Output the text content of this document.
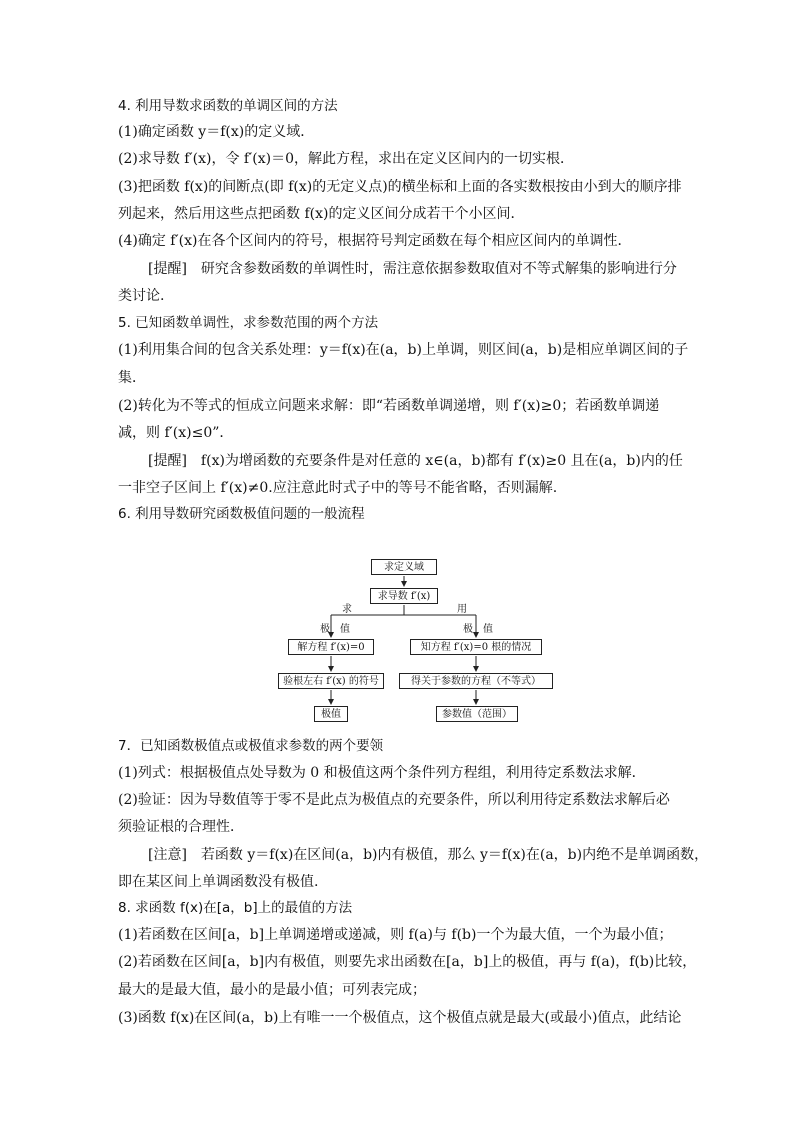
4. 利用导数求函数的单调区间的方法
(1)确定函数 y＝f(x)的定义域．
(2)求导数 f′(x)，令 f′(x)＝0，解此方程，求出在定义区间内的一切实根．
(3)把函数 f(x)的间断点(即 f(x)的无定义点)的横坐标和上面的各实数根按由小到大的顺序排
列起来，然后用这些点把函数 f(x)的定义区间分成若干个小区间．
(4)确定 f′(x)在各个区间内的符号，根据符号判定函数在每个相应区间内的单调性．
[提醒]　研究含参数函数的单调性时，需注意依据参数取值对不等式解集的影响进行分
类讨论.
5. 已知函数单调性，求参数范围的两个方法
(1)利用集合间的包含关系处理：y＝f(x)在(a，b)上单调，则区间(a，b)是相应单调区间的子
集．
(2)转化为不等式的恒成立问题来求解：即“若函数单调递增，则 f′(x)≥0；若函数单调递
减，则 f′(x)≤0”．
[提醒]　f(x)为增函数的充要条件是对任意的 x∈(a，b)都有 f′(x)≥0 且在(a，b)内的任
一非空子区间上 f′(x)≠0.应注意此时式子中的等号不能省略，否则漏解.
6. 利用导数研究函数极值问题的一般流程
求定义域
求导数 f′(x)
求	用
极　值	极　值
解方程 f′(x)=0	知方程 f′(x)=0 根的情况
验根左右 f′(x) 的符号	得关于参数的方程（不等式）
极值	参数值（范围）
7．已知函数极值点或极值求参数的两个要领
(1)列式：根据极值点处导数为 0 和极值这两个条件列方程组，利用待定系数法求解．
(2)验证：因为导数值等于零不是此点为极值点的充要条件，所以利用待定系数法求解后必
须验证根的合理性．
[注意]　若函数 y＝f(x)在区间(a，b)内有极值，那么 y＝f(x)在(a，b)内绝不是单调函数，
即在某区间上单调函数没有极值.
8. 求函数 f(x)在[a，b]上的最值的方法
(1)若函数在区间[a，b]上单调递增或递减，则 f(a)与 f(b)一个为最大值，一个为最小值；
(2)若函数在区间[a，b]内有极值，则要先求出函数在[a，b]上的极值，再与 f(a)，f(b)比较，
最大的是最大值，最小的是最小值；可列表完成；
(3)函数 f(x)在区间(a，b)上有唯一一个极值点，这个极值点就是最大(或最小)值点，此结论
